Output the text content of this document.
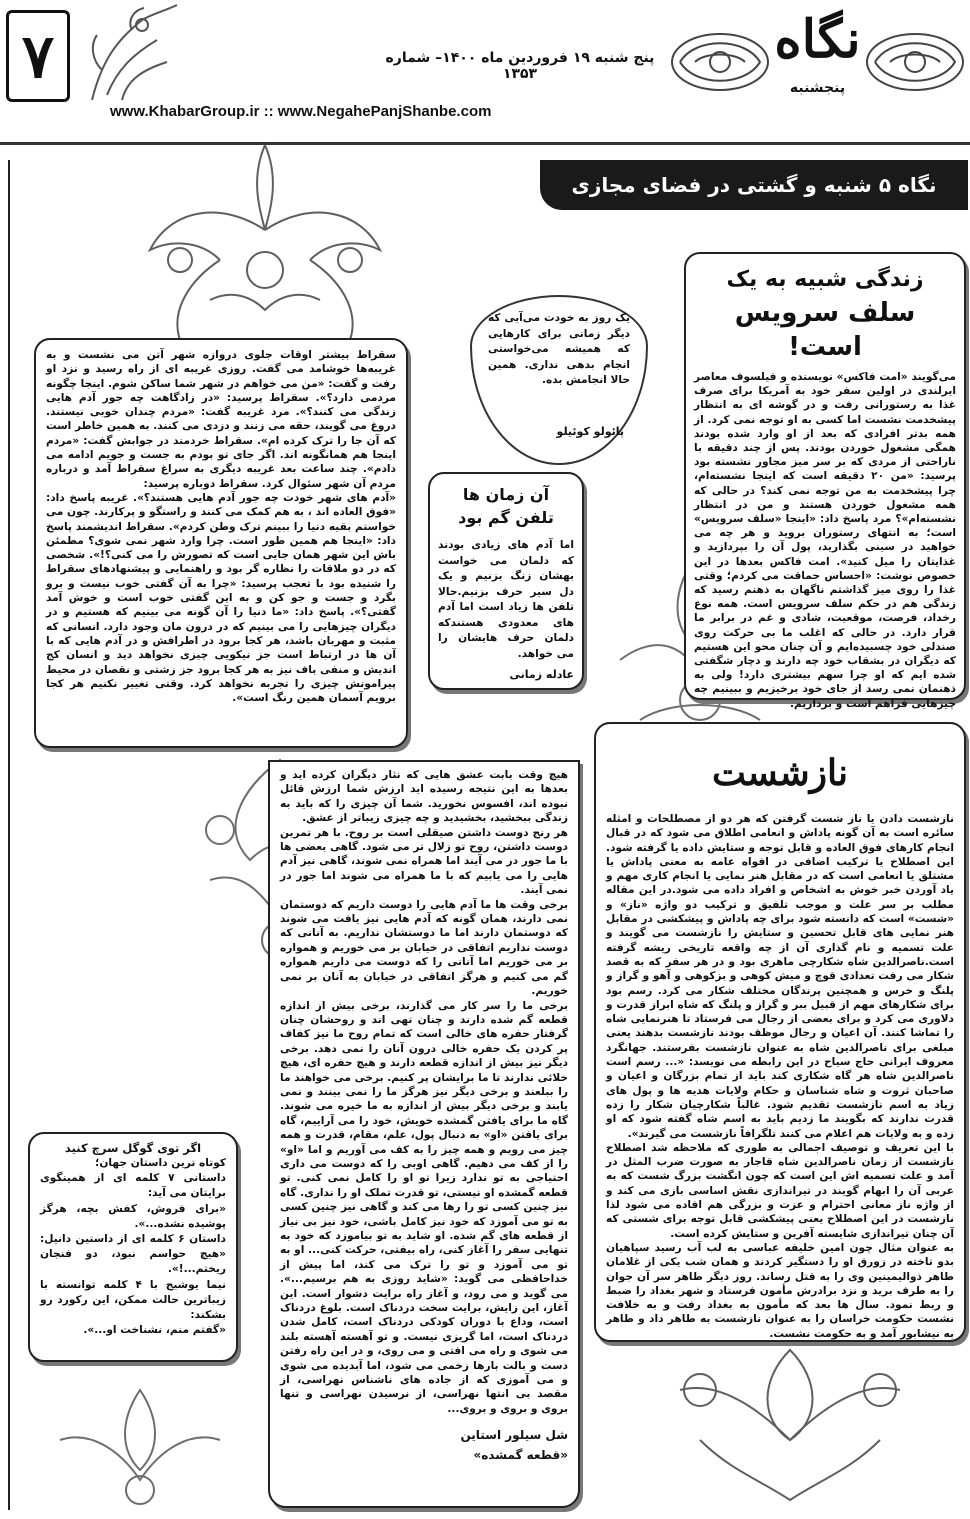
۷	پنج شنبه ۱۹ فروردین ماه ۱۴۰۰– شماره ۱۳۵۳
www.KhabarGroup.ir :: www.NegahePanjShanbe.com
نگاه
پنجشنبه
نگاه ۵ شنبه و گشتی در فضای مجازی
زندگی شبیه به یک
سلف سرویس است!

می‌گویند «امت فاکس» نویسنده و فیلسوف معاصر ایرلندی در اولین سفر خود به آمریکا برای صرف غذا به رستورانی رفت و در گوشه ای به انتظار پیشخدمت نشست اما کسی به او توجه نمی کرد. از همه بدتر افرادی که بعد از او وارد شده بودند همگی مشغول خوردن بودند. پس از چند دقیقه با ناراحتی از مردی که بر سر میز مجاور نشسته بود پرسید: «من ۲۰ دقیقه است که اینجا نشسته‌ام، چرا پیشخدمت به من توجه نمی کند؟ در حالی که همه مشغول خوردن هستند و من در انتظار نشسته‌ام»؟ مرد پاسخ داد: «اینجا «سلف سرویس» است؛ به انتهای رستوران بروید و هر چه می خواهید در سینی بگذارید، پول آن را بپردازید و غذایتان را میل کنید». امت فاکس بعدها در این خصوص نوشت: «احساس حماقت می کردم؛ وقتی غذا را روی میز گذاشتم ناگهان به ذهنم رسید که زندگی هم در حکم سلف سرویس است. همه نوع رخداد، فرصت، موقعیت، شادی و غم در برابر ما قرار دارد. در حالی که اغلب ما بی حرکت روی صندلی خود چسبیده‌ایم و آن چنان محو این هستیم که دیگران در بشقاب خود چه دارند و دچار شگفتی شده ایم که او چرا سهم بیشتری دارد! ولی به ذهنمان نمی رسد از جای خود برخیزیم و ببینیم چه چیزهایی فراهم است و برداریم.

یک روز به خودت می‌آیی که دیگر زمانی برای کارهایی که همیشه می‌خواستی انجام بدهی ندارى. همین حالا انجامش بده.

پائولو کوئیلو
آن زمان ها
تلفن گم بود

اما آدم های زیادی بودند که دلمان می خواست بهشان زنگ بزنیم و یک دل سیر حرف بزنیم.حالا تلفن ها زیاد است اما آدم های معدودی هستندکه دلمان حرف هایشان را می خواهد.

عادله زمانی

سقراط بیشتر اوقات جلوی دروازه شهر آتن می نشست و به غریبه‌ها خوشامد می گفت. روزی غریبه ای از راه رسید و نزد او رفت و گفت: «من می خواهم در شهر شما ساکن شوم. اینجا چگونه مردمی دارد؟». سقراط پرسید: «در زادگاهت چه جور آدم هایی زندگی می کنند؟». مرد غریبه گفت: «مردم چندان خوبی نیستند. دروغ می گویند، حقه می زنند و دزدی می کنند. به همین خاطر است که آن جا را ترک کرده ام». سقراط خردمند در جوابش گفت: «مردم اینجا هم همانگونه اند. اگر جای تو بودم به جست و جویم ادامه می دادم». چند ساعت بعد غریبه دیگری به سراغ سقراط آمد و درباره مردم آن شهر سئوال کرد. سقراط دوباره پرسید:
«آدم های شهر خودت چه جور آدم هایی هستند؟». غریبه پاسخ داد: «فوق العاده اند ، به هم کمک می کنند و راستگو و پرکارند. چون می خواستم بقیه دنیا را ببینم ترک وطن کردم». سقراط اندیشمند پاسخ داد: «اینجا هم همین طور است. چرا وارد شهر نمی شوی؟ مطمئن باش این شهر همان جایی است که تصورش را می کنی؟!». شخصی که در دو ملاقات را نظاره گر بود و راهنمایی و پیشنهادهای سقراط را شنیده بود با تعجب پرسید: «چرا به آن گفتی خوب نیست و برو بگرد و جست و جو کن و به این گفتی خوب است و خوش آمد گفتی؟». پاسخ داد: «ما دنیا را آن گونه می بینیم که هستیم و در دیگران چیزهایی را می بینیم که در درون مان وجود دارد. انسانی که مثبت و مهربان باشد، هر کجا برود در اطرافش و در آدم هایی که با آن ها در ارتباط است جز نیکویی چیزی نخواهد دید و انسان کج اندیش و منفی باف نیز به هر کجا برود جز زشتی و نقصان در محیط پیرامونش چیزی را تجربه نخواهد کرد. وقتی تغییر نکنیم هر کجا برویم آسمان همین رنگ است».

نازشست

نازشست دادن یا ناز شست گرفتن که هر دو از مصطلحات و امثله سائره است به آن گونه پاداش و انعامی اطلاق می شود که در قبال انجام کارهای فوق العاده و قابل توجه و ستایش داده یا گرفته شود. این اصطلاح یا ترکیب اضافی در افواه عامه به معنی پاداش یا مشتلق یا انعامی است که در مقابل هنر نمایی یا انجام کاری مهم و یاد آوردن خبر خوش به اشخاص و افراد داده می شود.در این مقاله مطلب بر سر علت و موجب تلفیق و ترکیب دو واژه «ناز» و «شست» است که دانسته شود برای چه پاداش و پیشکشی در مقابل هنر نمایی های قابل تحسین و ستایش را نازشست می گویند و علت تسمیه و نام گذاری آن از چه واقعه تاریخی ریشه گرفته است.ناصرالدین شاه شکارچی ماهری بود و در هر سفر که به قصد شکار می رفت تعدادی قوچ و میش کوهی و بزکوهی و آهو و گراز و پلنگ و خرس و همچنین پرندگان مختلف شکار می کرد. رسم بود برای شکارهای مهم از قبیل ببر و گراز و پلنگ که شاه ابراز قدرت و دلاوری می کرد و برای بعضی از رجال می فرستاد تا هنرنمایی شاه را تماشا کنند. آن اعیان و رجال موظف بودند نازشست بدهند یعنی مبلغی برای ناصرالدین شاه به عنوان نازشست بفرستند. جهانگرد معروف ایرانی حاج سیاح در این رابطه می نویسد: «... رسم است ناصرالدین شاه هر گاه شکاری کند باید از تمام بزرگان و اعیان و صاحبان ثروت و شاه شناسان و حکام ولایات هدیه ها و پول های زیاد به اسم نازشست تقدیم شود. غالباً شکارچیان شکار را زده قدرت ندارند که بگویند ما زدیم باید به اسم شاه گفته شود که او زده و به ولایات هم اعلام می کنند تلگرافاً نازشست می گیرند».
با این تعریف و توصیف اجمالی به طوری که ملاحظه شد اصطلاح نازشست از زمان ناصرالدین شاه قاجار به صورت ضرب المثل در آمد و علت تسمیه اش این است که چون انگشت بزرگ شست که به عربی آن را ابهام گویند در تیراندازی نقش اساسی بازی می کند و از واژه ناز معانی احترام و عزت و بزرگی هم افاده می شود لذا نازشست در این اصطلاح یعنی پیشکشی قابل توجه برای شستی که آن چنان تیراندازی شایسته آفرین و ستایش کرده است.
به عنوان مثال چون امین خلیفه عباسی به لب آب رسید سپاهیان بدو تاخته در زورق او را دستگیر کردند و همان شب یکی از غلامان طاهر ذوالیمینین وی را به قتل رساند. روز دیگر طاهر سر آن جوان را به طرف برید و نزد برادرش مأمون فرستاد و شهر بغداد را ضبط و ربط نمود. سال ها بعد که مأمون به بغداد رفت و به خلافت نشست حکومت خراسان را به عنوان نازشست به طاهر داد و طاهر به نیشابور آمد و به حکومت نشست.

هیچ وقت بابت عشق هایی که نثار دیگران کرده اید و بعدها به این نتیجه رسیده اید ارزش شما ارزش قائل نبوده اند، افسوس نخورید. شما آن چیزی را که باید به زندگی ببخشید، بخشیدید و چه چیزی زیباتر از عشق.
هر رنج دوست داشتن صیقلی است بر روح. با هر تمرین دوست داشتن، روح تو زلال تر می شود. گاهی بعضی ها با ما جور در می آیند اما همراه نمی شوند، گاهی نیز آدم هایی را می یابیم که با ما همراه می شوند اما جور در نمی آیند.
برخی وقت ها ما آدم هایی را دوست داریم که دوستمان نمی دارند، همان گونه که آدم هایی نیز یافت می شوند که دوستمان دارند اما ما دوستشان نداریم. به آنانی که دوست نداریم اتفاقی در خیابان بر می خوریم و همواره بر می خوریم اما آنانی را که دوست می داریم همواره گم می کنیم و هرگز اتفاقی در خیابان به آنان بر نمی خوریم.
برخی ما را سر کار می گذارند، برخی بیش از اندازه قطعه گم شده دارند و چنان تهی اند و روحشان چنان گرفتار حفره های خالی است که تمام روح ما نیز کفاف پر کردن یک حفره خالی درون آنان را نمی دهد. برخی دیگر نیز بیش از اندازه قطعه دارند و هیچ حفره ای، هیچ خلائی ندارند تا ما برایشان پر کنیم. برخی می خواهند ما را ببلعند و برخی دیگر نیز هرگز ما را نمی بینند و نمی یابند و برخی دیگر بیش از اندازه به ما خیره می شوند. گاه ما برای یافتن گمشده خویش، خود را می آراییم، گاه برای یافتن «او» به دنبال پول، علم، مقام، قدرت و همه چیز می رویم و همه چیز را به کف می آوریم و اما «او» را از کف می دهیم. گاهی اوبی را که دوست می داری احتیاجی به تو ندارد زیرا تو او را کامل نمی کنی. تو قطعه گمشده او نیستی، تو قدرت تملک او را نداری. گاه نیز چنین کسی تو را رها می کند و گاهی نیز چنین کسی به تو می آموزد که خود نیز کامل باشی، خود نیز بی نیاز از قطعه های گم شده. او شاید به تو بیاموزد که خود به تنهایی سفر را آغاز کنی، راه بیفتی، حرکت کنی... او به تو می آموزد و تو را ترک می کند، اما پیش از خداحافظی می گوید: «شاید روزی به هم برسیم...». می گوید و می رود، و آغاز راه برایت دشوار است. این آغاز، این زایش، برایت سخت دردناک است. بلوغ دردناک است، وداع با دوران کودکی دردناک است، کامل شدن دردناک است، اما گریزی نیست. و تو آهسته آهسته بلند می شوی و راه می افتی و می روی، و در این راه رفتن دست و بالت بارها زخمی می شود، اما آبدیده می شوی و می آموزی که از جاده های ناشناس نهراسی، از مقصد بی انتها نهراسی، از نرسیدن نهراسی و تنها بروی و بروی و بروی...

شل سیلور استاین
«قطعه گمشده»
اگر توی گوگل سرچ کنید

کوتاه ترین داستان جهان؛
داستانی ۷ کلمه ای از همینگوی برایتان می آید:
«برای فروش، کفش بچه، هرگز پوشیده نشده...».
داستان ۶ کلمه ای از داستین دانیل: «هیچ حواسم نبود، دو فنجان ریختم...!».
نیما یوشیج با ۴ کلمه توانسته با زیباترین حالت ممکن، این رکورد رو بشکند:
«گفتم منم، نشناخت او...».
